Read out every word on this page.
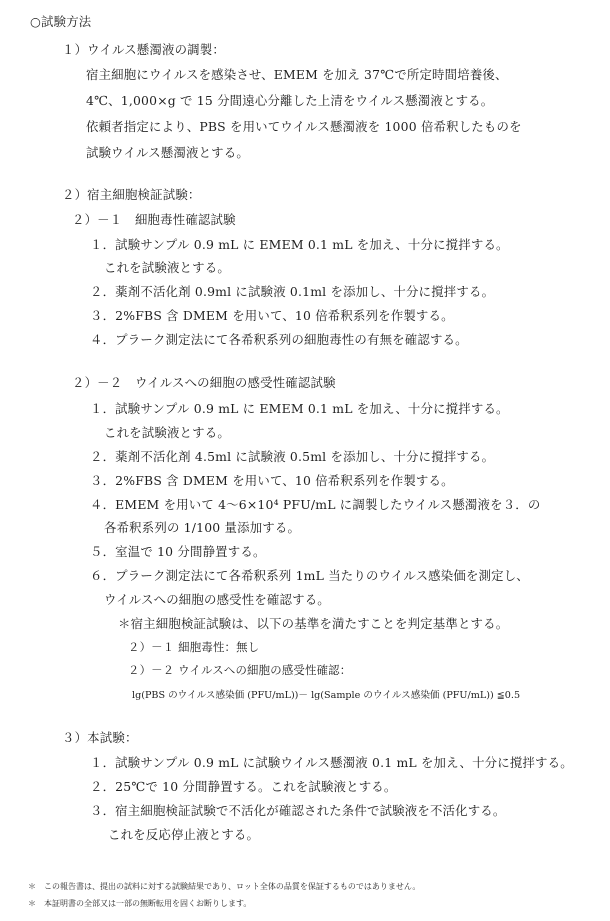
○試験方法
１）ウイルス懸濁液の調製：
宿主細胞にウイルスを感染させ、EMEM を加え 37℃で所定時間培養後、
4℃、1,000×g で 15 分間遠心分離した上清をウイルス懸濁液とする。
依頼者指定により、PBS を用いてウイルス懸濁液を 1000 倍希釈したものを
試験ウイルス懸濁液とする。
２）宿主細胞検証試験：
２）－１　細胞毒性確認試験
１．試験サンプル 0.9 mL に EMEM 0.1 mL を加え、十分に撹拌する。
これを試験液とする。
２．薬剤不活化剤 0.9ml に試験液 0.1ml を添加し、十分に撹拌する。
３．2%FBS 含 DMEM を用いて、10 倍希釈系列を作製する。
４．プラーク測定法にて各希釈系列の細胞毒性の有無を確認する。
２）－２　ウイルスへの細胞の感受性確認試験
１．試験サンプル 0.9 mL に EMEM 0.1 mL を加え、十分に撹拌する。
これを試験液とする。
２．薬剤不活化剤 4.5ml に試験液 0.5ml を添加し、十分に撹拌する。
３．2%FBS 含 DMEM を用いて、10 倍希釈系列を作製する。
４．EMEM を用いて 4～6×10⁴ PFU/mL に調製したウイルス懸濁液を３．の
各希釈系列の 1/100 量添加する。
５．室温で 10 分間静置する。
６．プラーク測定法にて各希釈系列 1mL 当たりのウイルス感染価を測定し、
ウイルスへの細胞の感受性を確認する。
＊宿主細胞検証試験は、以下の基準を満たすことを判定基準とする。
２）－１ 細胞毒性：無し
２）－２ ウイルスへの細胞の感受性確認：
lg(PBS のウイルス感染価 (PFU/mL))－ lg(Sample のウイルス感染価 (PFU/mL)) ≦0.5
３）本試験：
１．試験サンプル 0.9 mL に試験ウイルス懸濁液 0.1 mL を加え、十分に撹拌する。
２．25℃で 10 分間静置する。これを試験液とする。
３．宿主細胞検証試験で不活化が確認された条件で試験液を不活化する。
これを反応停止液とする。
＊　この報告書は、提出の試料に対する試験結果であり、ロット全体の品質を保証するものではありません。
＊　本証明書の全部又は一部の無断転用を固くお断りします。
